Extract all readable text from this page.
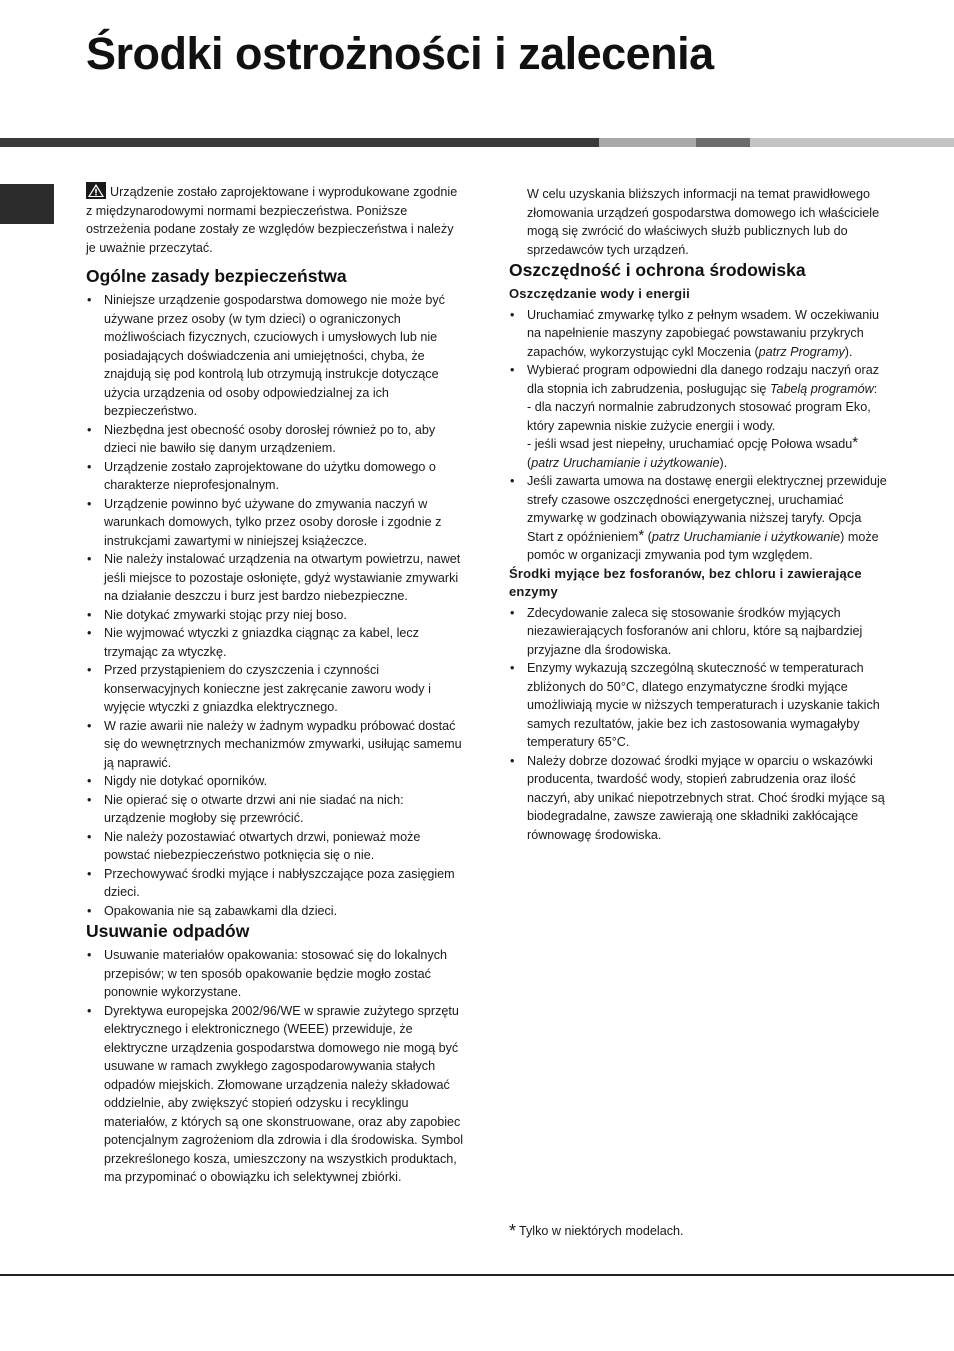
Środki ostrożności i zalecenia

Urządzenie zostało zaprojektowane i wyprodukowane zgodnie z międzynarodowymi normami bezpieczeństwa. Poniższe ostrzeżenia podane zostały ze względów bezpieczeństwa i należy je uważnie przeczytać.

Ogólne zasady bezpieczeństwa
• Niniejsze urządzenie gospodarstwa domowego nie może być używane przez osoby (w tym dzieci) o ograniczonych możliwościach fizycznych, czuciowych i umysłowych lub nie posiadających doświadczenia ani umiejętności, chyba, że znajdują się pod kontrolą lub otrzymują instrukcje dotyczące użycia urządzenia od osoby odpowiedzialnej za ich bezpieczeństwo.
• Niezbędna jest obecność osoby dorosłej również po to, aby dzieci nie bawiło się danym urządzeniem.
• Urządzenie zostało zaprojektowane do użytku domowego o charakterze nieprofesjonalnym.
• Urządzenie powinno być używane do zmywania naczyń w warunkach domowych, tylko przez osoby dorosłe i zgodnie z instrukcjami zawartymi w niniejszej książeczce.
• Nie należy instalować urządzenia na otwartym powietrzu, nawet jeśli miejsce to pozostaje osłonięte, gdyż wystawianie zmywarki na działanie deszczu i burz jest bardzo niebezpieczne.
• Nie dotykać zmywarki stojąc przy niej boso.
• Nie wyjmować wtyczki z gniazdka ciągnąc za kabel, lecz trzymając za wtyczkę.
• Przed przystąpieniem do czyszczenia i czynności konserwacyjnych konieczne jest zakręcanie zaworu wody i wyjęcie wtyczki z gniazdka elektrycznego.
• W razie awarii nie należy w żadnym wypadku próbować dostać się do wewnętrznych mechanizmów zmywarki, usiłując samemu ją naprawić.
• Nigdy nie dotykać oporników.
• Nie opierać się o otwarte drzwi ani nie siadać na nich: urządzenie mogłoby się przewrócić.
• Nie należy pozostawiać otwartych drzwi, ponieważ może powstać niebezpieczeństwo potknięcia się o nie.
• Przechowywać środki myjące i nabłyszczające poza zasięgiem dzieci.
• Opakowania nie są zabawkami dla dzieci.
Usuwanie odpadów
• Usuwanie materiałów opakowania: stosować się do lokalnych przepisów; w ten sposób opakowanie będzie mogło zostać ponownie wykorzystane.
• Dyrektywa europejska 2002/96/WE w sprawie zużytego sprzętu elektrycznego i elektronicznego (WEEE) przewiduje, że elektryczne urządzenia gospodarstwa domowego nie mogą być usuwane w ramach zwykłego zagospodarowywania stałych odpadów miejskich. Złomowane urządzenia należy składować oddzielnie, aby zwiększyć stopień odzysku i recyklingu materiałów, z których są one skonstruowane, oraz aby zapobiec potencjalnym zagrożeniom dla zdrowia i dla środowiska. Symbol przekreślonego kosza, umieszczony na wszystkich produktach, ma przypominać o obowiązku ich selektywnej zbiórki.

W celu uzyskania bliższych informacji na temat prawidłowego złomowania urządzeń gospodarstwa domowego ich właściciele mogą się zwrócić do właściwych służb publicznych lub do sprzedawców tych urządzeń.

Oszczędność i ochrona środowiska
Oszczędzanie wody i energii
• Uruchamiać zmywarkę tylko z pełnym wsadem. W oczekiwaniu na napełnienie maszyny zapobiegać powstawaniu przykrych zapachów, wykorzystując cykl Moczenia (patrz Programy).
• Wybierać program odpowiedni dla danego rodzaju naczyń oraz dla stopnia ich zabrudzenia, posługując się Tabelą programów:
- dla naczyń normalnie zabrudzonych stosować program Eko, który zapewnia niskie zużycie energii i wody.
- jeśli wsad jest niepełny, uruchamiać opcję Połowa wsadu*
(patrz Uruchamianie i użytkowanie).
• Jeśli zawarta umowa na dostawę energii elektrycznej przewiduje strefy czasowe oszczędności energetycznej, uruchamiać zmywarkę w godzinach obowiązywania niższej taryfy. Opcja Start z opóźnieniem* (patrz Uruchamianie i użytkowanie) może pomóc w organizacji zmywania pod tym względem.
Środki myjące bez fosforanów, bez chloru i zawierające enzymy
• Zdecydowanie zaleca się stosowanie środków myjących niezawierających fosforanów ani chloru, które są najbardziej przyjazne dla środowiska.
• Enzymy wykazują szczególną skuteczność w temperaturach zbliżonych do 50°C, dlatego enzymatyczne środki myjące umożliwiają mycie w niższych temperaturach i uzyskanie takich samych rezultatów, jakie bez ich zastosowania wymagałyby temperatury 65°C.
• Należy dobrze dozować środki myjące w oparciu o wskazówki producenta, twardość wody, stopień zabrudzenia oraz ilość naczyń, aby unikać niepotrzebnych strat. Choć środki myjące są biodegradalne, zawsze zawierają one składniki zakłócające równowagę środowiska.
* Tylko w niektórych modelach.
